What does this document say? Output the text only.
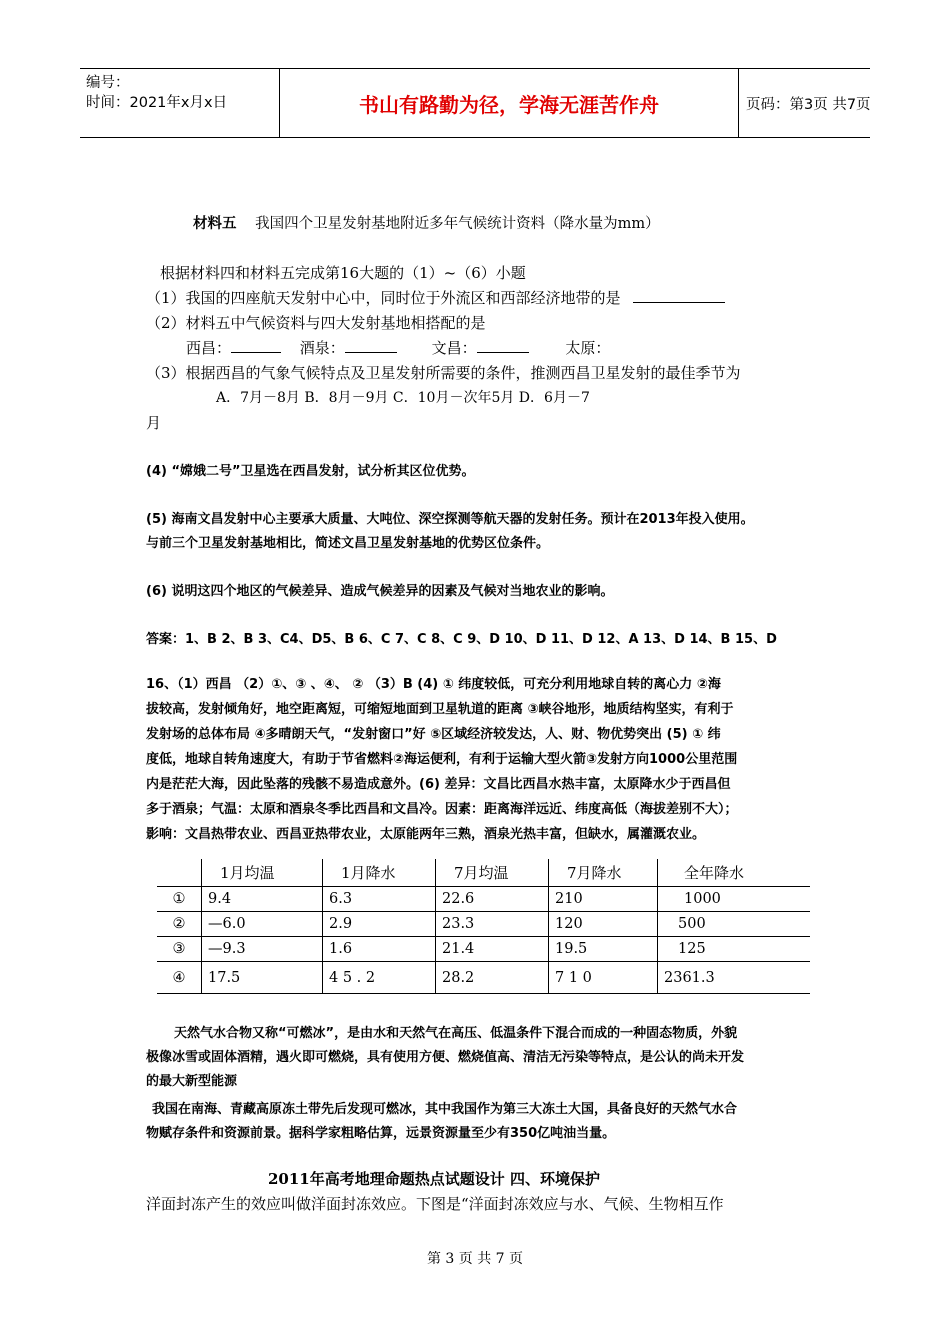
编号：
时间：2021年x月x日	书山有路勤为径，学海无涯苦作舟	页码：第3页 共7页
材料五 我国四个卫星发射基地附近多年气候统计资料（降水量为mm）
根据材料四和材料五完成第16大题的（1）~（6）小题
（1）我国的四座航天发射中心中，同时位于外流区和西部经济地带的是
（2）材料五中气候资料与四大发射基地相搭配的是
西昌：	酒泉：	文昌：	太原：
（3）根据西昌的气象气候特点及卫星发射所需要的条件，推测西昌卫星发射的最佳季节为
A．7月－8月 B．8月－9月 C．10月－次年5月 D．6月－7
月
(4) “嫦娥二号”卫星选在西昌发射，试分析其区位优势。
(5) 海南文昌发射中心主要承大质量、大吨位、深空探测等航天器的发射任务。预计在2013年投入使用。
与前三个卫星发射基地相比，简述文昌卫星发射基地的优势区位条件。
(6) 说明这四个地区的气候差异、造成气候差异的因素及气候对当地农业的影响。
答案：1、B 2、B 3、C4、D5、B 6、C 7、C 8、C 9、D 10、D 11、D 12、A 13、D 14、B 15、D
16、（1）西昌 （2）①、③ 、④、 ② （3）B (4) ① 纬度较低，可充分利用地球自转的离心力 ②海
拔较高，发射倾角好，地空距离短，可缩短地面到卫星轨道的距离 ③峡谷地形，地质结构坚实，有利于
发射场的总体布局 ④多晴朗天气，“发射窗口”好 ⑤区域经济较发达，人、财、物优势突出 (5) ① 纬
度低，地球自转角速度大，有助于节省燃料②海运便利，有利于运输大型火箭③发射方向1000公里范围
内是茫茫大海，因此坠落的残骸不易造成意外。(6) 差异：文昌比西昌水热丰富，太原降水少于西昌但
多于酒泉；气温：太原和酒泉冬季比西昌和文昌冷。因素：距离海洋远近、纬度高低（海拔差别不大）；
影响：文昌热带农业、西昌亚热带农业，太原能两年三熟，酒泉光热丰富，但缺水，属灌溉农业。
	1月均温	1月降水	7月均温	7月降水	全年降水
①	9.4	6.3	22.6	210	1000
②	—6.0	2.9	23.3	120	500
③	—9.3	1.6	21.4	19.5	125
④	17.5	4 5 . 2	28.2	7 1 0	2361.3
天然气水合物又称“可燃冰”，是由水和天然气在高压、低温条件下混合而成的一种固态物质，外貌
极像冰雪或固体酒精，遇火即可燃烧，具有使用方便、燃烧值高、清洁无污染等特点，是公认的尚未开发
的最大新型能源
我国在南海、青藏高原冻土带先后发现可燃冰，其中我国作为第三大冻土大国，具备良好的天然气水合
物赋存条件和资源前景。据科学家粗略估算，远景资源量至少有350亿吨油当量。
2011年高考地理命题热点试题设计 四、环境保护
洋面封冻产生的效应叫做洋面封冻效应。下图是“洋面封冻效应与水、气候、生物相互作
第 3 页 共 7 页
